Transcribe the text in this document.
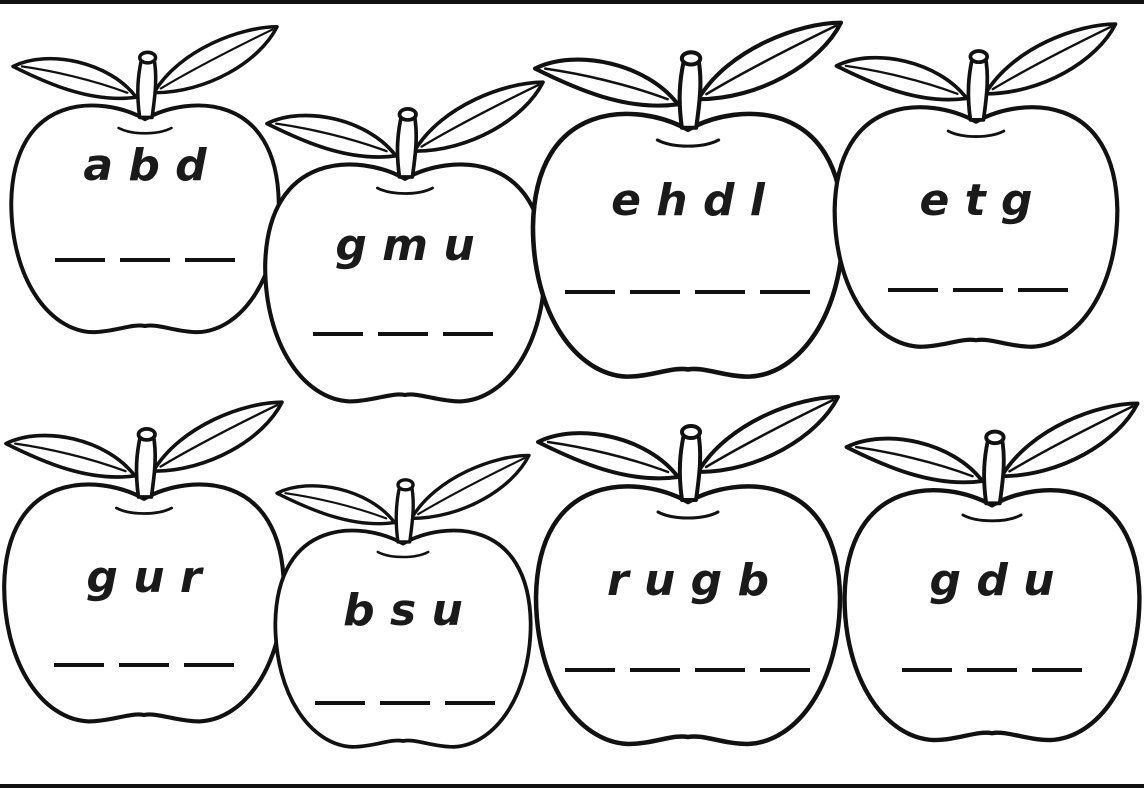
a b d
g m u
e h d l	e t g
g u r
b s u
r u g b	g d u
